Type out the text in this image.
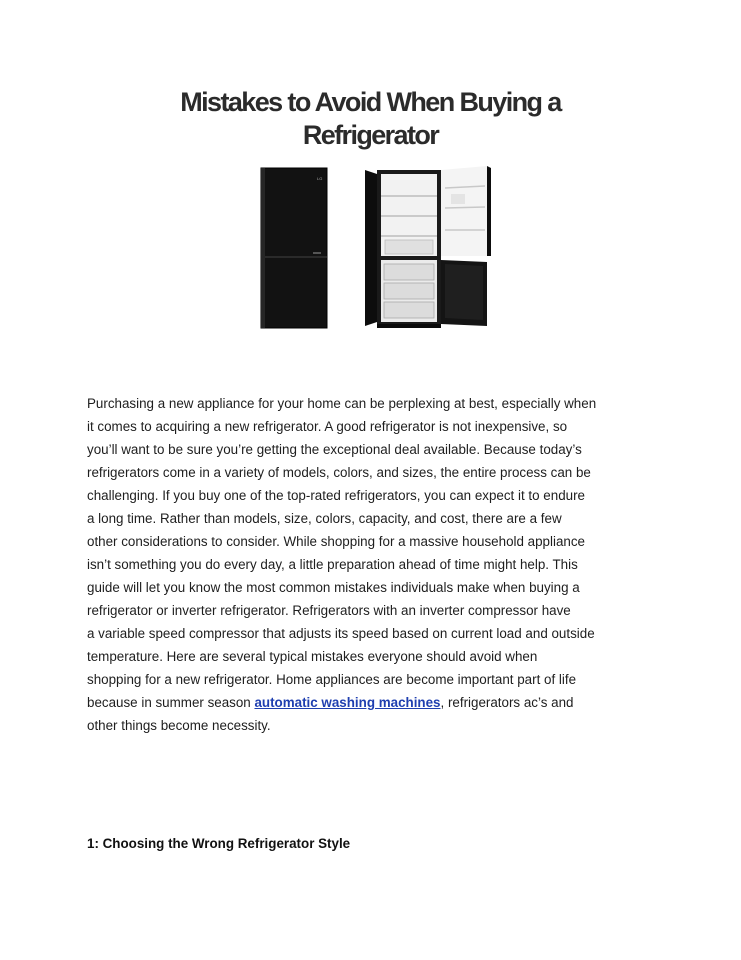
Mistakes to Avoid When Buying a
Refrigerator
LG
Purchasing a new appliance for your home can be perplexing at best, especially when
it comes to acquiring a new refrigerator. A good refrigerator is not inexpensive, so
you’ll want to be sure you’re getting the exceptional deal available. Because today’s
refrigerators come in a variety of models, colors, and sizes, the entire process can be
challenging. If you buy one of the top-rated refrigerators, you can expect it to endure
a long time. Rather than models, size, colors, capacity, and cost, there are a few
other considerations to consider. While shopping for a massive household appliance
isn’t something you do every day, a little preparation ahead of time might help. This
guide will let you know the most common mistakes individuals make when buying a
refrigerator or inverter refrigerator. Refrigerators with an inverter compressor have
a variable speed compressor that adjusts its speed based on current load and outside
temperature. Here are several typical mistakes everyone should avoid when
shopping for a new refrigerator. Home appliances are become important part of life
because in summer season automatic washing machines, refrigerators ac’s and
other things become necessity.
1: Choosing the Wrong Refrigerator Style
